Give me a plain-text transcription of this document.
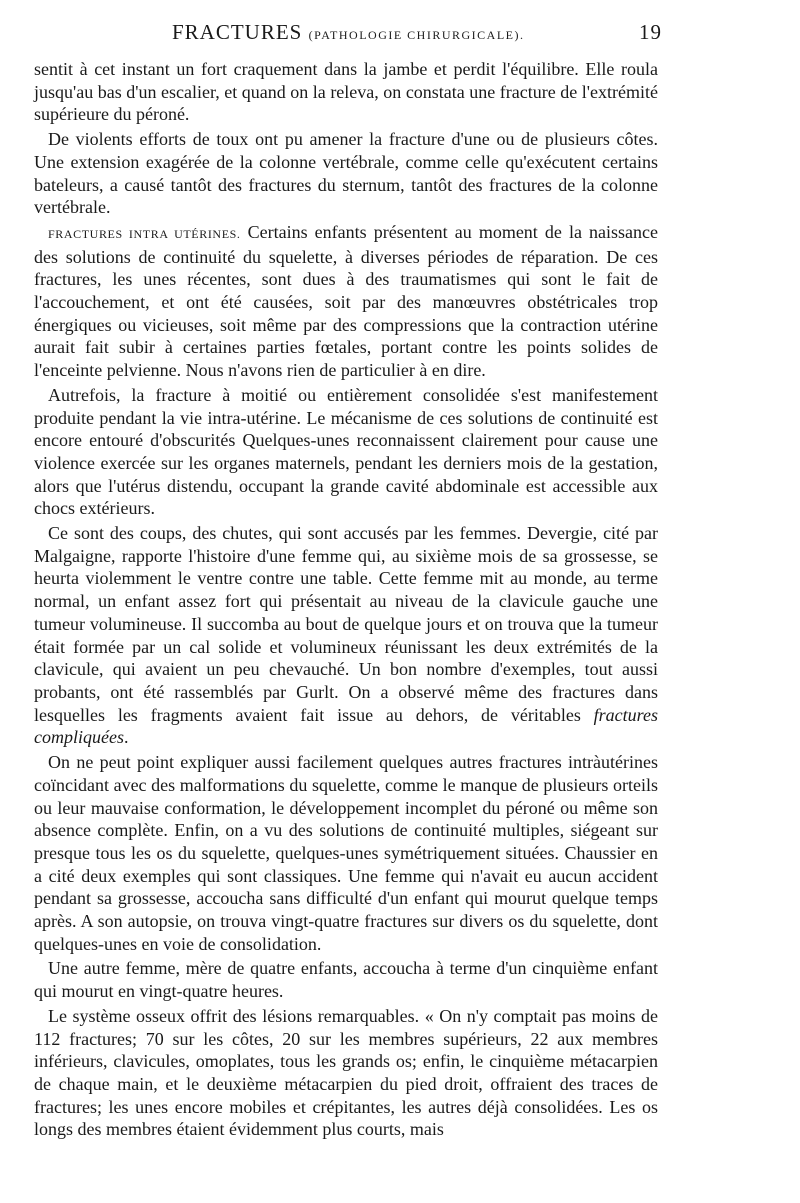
FRACTURES (PATHOLOGIE CHIRURGICALE).	19

sentit à cet instant un fort craquement dans la jambe et perdit l'équilibre. Elle roula jusqu'au bas d'un escalier, et quand on la releva, on constata une fracture de l'extrémité supérieure du péroné.

De violents efforts de toux ont pu amener la fracture d'une ou de plusieurs côtes. Une extension exagérée de la colonne vertébrale, comme celle qu'exécutent certains bateleurs, a causé tantôt des fractures du sternum, tantôt des fractures de la colonne vertébrale.

FRACTURES INTRA UTÉRINES. Certains enfants présentent au moment de la naissance des solutions de continuité du squelette, à diverses périodes de réparation. De ces fractures, les unes récentes, sont dues à des traumatismes qui sont le fait de l'accouchement, et ont été causées, soit par des manœuvres obstétricales trop énergiques ou vicieuses, soit même par des compressions que la contraction utérine aurait fait subir à certaines parties fœtales, portant contre les points solides de l'enceinte pelvienne. Nous n'avons rien de particulier à en dire.

Autrefois, la fracture à moitié ou entièrement consolidée s'est manifestement produite pendant la vie intra-utérine. Le mécanisme de ces solutions de continuité est encore entouré d'obscurités Quelques-unes reconnaissent clairement pour cause une violence exercée sur les organes maternels, pendant les derniers mois de la gestation, alors que l'utérus distendu, occupant la grande cavité abdominale est accessible aux chocs extérieurs.

Ce sont des coups, des chutes, qui sont accusés par les femmes. Devergie, cité par Malgaigne, rapporte l'histoire d'une femme qui, au sixième mois de sa grossesse, se heurta violemment le ventre contre une table. Cette femme mit au monde, au terme normal, un enfant assez fort qui présentait au niveau de la clavicule gauche une tumeur volumineuse. Il succomba au bout de quelque jours et on trouva que la tumeur était formée par un cal solide et volumineux réunissant les deux extrémités de la clavicule, qui avaient un peu chevauché. Un bon nombre d'exemples, tout aussi probants, ont été rassemblés par Gurlt. On a observé même des fractures dans lesquelles les fragments avaient fait issue au dehors, de véritables fractures compliquées.

On ne peut point expliquer aussi facilement quelques autres fractures intràutérines coïncidant avec des malformations du squelette, comme le manque de plusieurs orteils ou leur mauvaise conformation, le développement incomplet du péroné ou même son absence complète. Enfin, on a vu des solutions de continuité multiples, siégeant sur presque tous les os du squelette, quelques-unes symétriquement situées. Chaussier en a cité deux exemples qui sont classiques. Une femme qui n'avait eu aucun accident pendant sa grossesse, accoucha sans difficulté d'un enfant qui mourut quelque temps après. A son autopsie, on trouva vingt-quatre fractures sur divers os du squelette, dont quelques-unes en voie de consolidation.

Une autre femme, mère de quatre enfants, accoucha à terme d'un cinquième enfant qui mourut en vingt-quatre heures.

Le système osseux offrit des lésions remarquables. « On n'y comptait pas moins de 112 fractures; 70 sur les côtes, 20 sur les membres supérieurs, 22 aux membres inférieurs, clavicules, omoplates, tous les grands os; enfin, le cinquième métacarpien de chaque main, et le deuxième métacarpien du pied droit, offraient des traces de fractures; les unes encore mobiles et crépitantes, les autres déjà consolidées. Les os longs des membres étaient évidemment plus courts, mais
